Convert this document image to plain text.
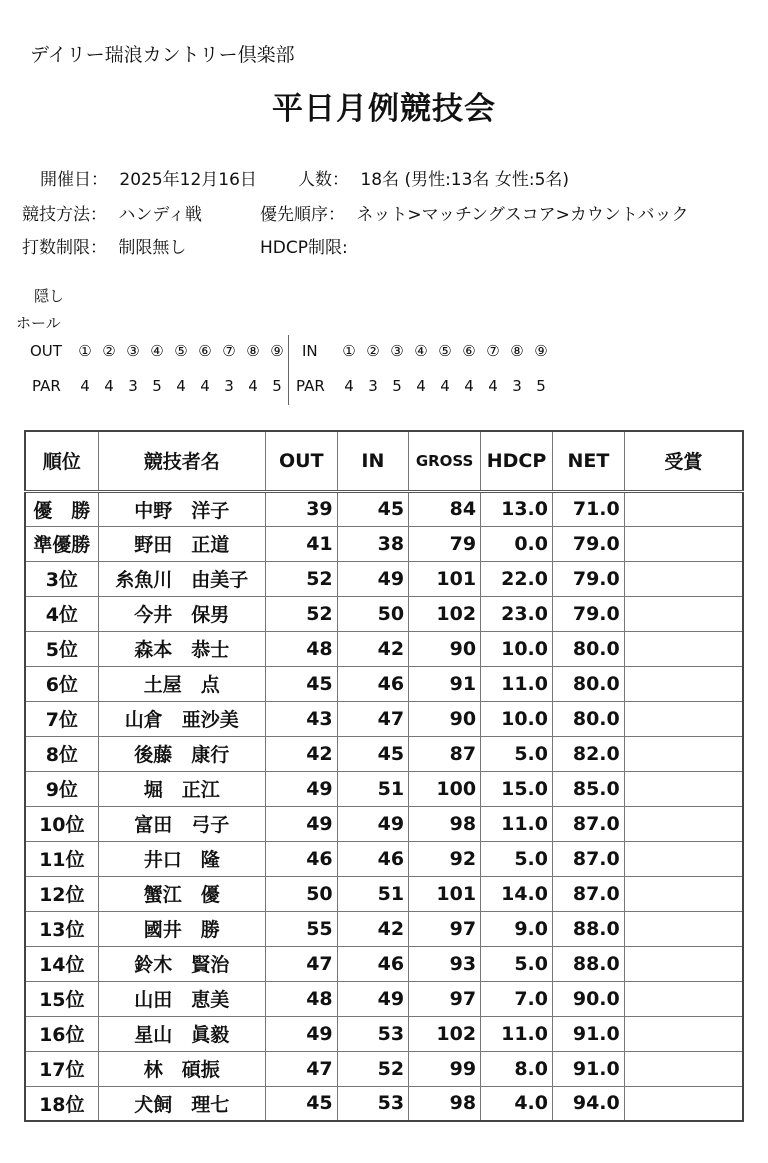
デイリー瑞浪カントリー倶楽部
平日月例競技会
開催日： 2025年12月16日 人数： 18名 (男性:13名 女性:5名)
競技方法： ハンディ戦	優先順序： ネット>マッチングスコア>カウントバック
打数制限： 制限無し	HDCP制限:
隠し
ホール
OUT	① ② ③ ④ ⑤ ⑥ ⑦ ⑧ ⑨ IN	① ② ③ ④ ⑤ ⑥ ⑦ ⑧ ⑨
PAR	4 4 3 5 4 4 3 4 5 PAR	4 3 5 4 4 4 4 3 5
順位	競技者名	OUT	IN	GROSS	HDCP	NET	受賞
優　勝	中野　洋子	39	45	84	13.0	71.0	
準優勝	野田　正道	41	38	79	0.0	79.0	
3位	糸魚川　由美子	52	49	101	22.0	79.0	
4位	今井　保男	52	50	102	23.0	79.0	
5位	森本　恭士	48	42	90	10.0	80.0	
6位	土屋　点	45	46	91	11.0	80.0	
7位	山倉　亜沙美	43	47	90	10.0	80.0	
8位	後藤　康行	42	45	87	5.0	82.0	
9位	堀　正江	49	51	100	15.0	85.0	
10位	富田　弓子	49	49	98	11.0	87.0	
11位	井口　隆	46	46	92	5.0	87.0	
12位	蟹江　優	50	51	101	14.0	87.0	
13位	國井　勝	55	42	97	9.0	88.0	
14位	鈴木　賢治	47	46	93	5.0	88.0	
15位	山田　恵美	48	49	97	7.0	90.0	
16位	星山　眞毅	49	53	102	11.0	91.0	
17位	林　碩振	47	52	99	8.0	91.0	
18位	犬飼　理七	45	53	98	4.0	94.0	
